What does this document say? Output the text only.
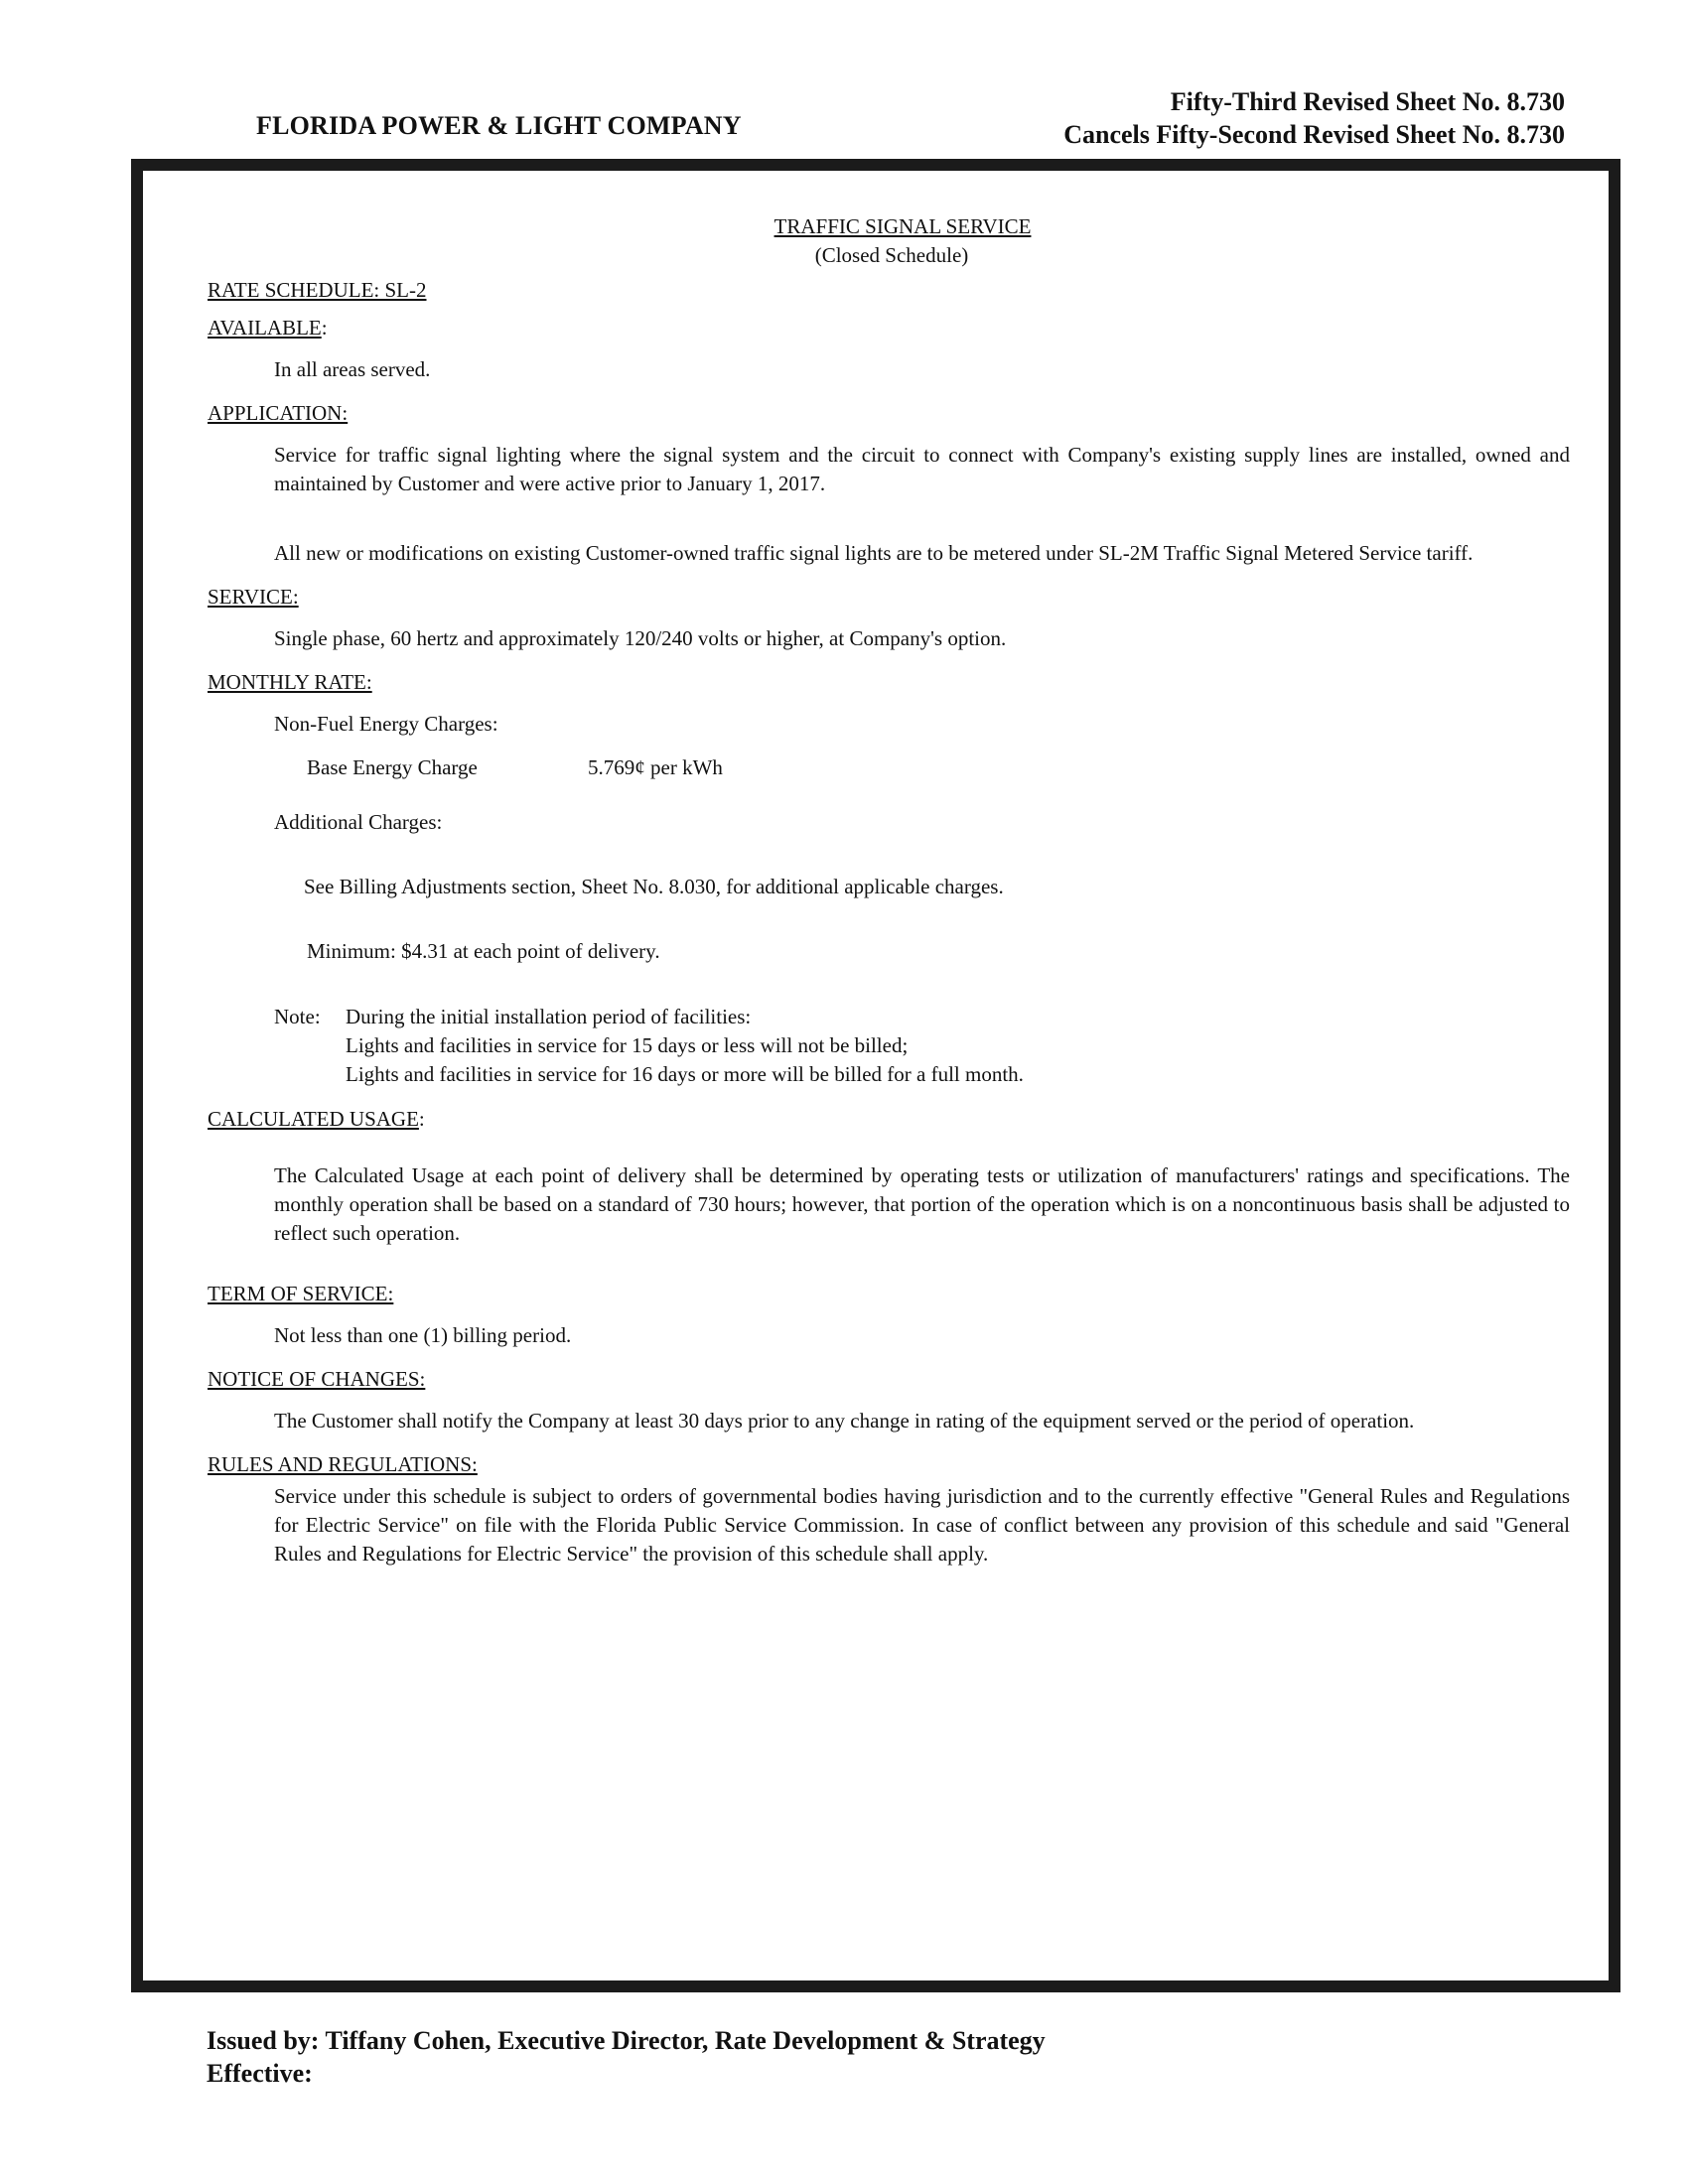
FLORIDA POWER & LIGHT COMPANY
Fifty-Third Revised Sheet No. 8.730
Cancels Fifty-Second Revised Sheet No. 8.730
TRAFFIC SIGNAL SERVICE
(Closed Schedule)
RATE SCHEDULE: SL-2
AVAILABLE:
In all areas served.
APPLICATION:
Service for traffic signal lighting where the signal system and the circuit to connect with Company's existing supply lines are installed, owned and maintained by Customer and were active prior to January 1, 2017.
All new or modifications on existing Customer-owned traffic signal lights are to be metered under SL-2M Traffic Signal Metered Service tariff.
SERVICE:
Single phase, 60 hertz and approximately 120/240 volts or higher, at Company's option.
MONTHLY RATE:
Non-Fuel Energy Charges:
Base Energy Charge	5.769¢ per kWh
Additional Charges:
See Billing Adjustments section, Sheet No. 8.030, for additional applicable charges.
Minimum: $4.31 at each point of delivery.
Note:	During the initial installation period of facilities:
Lights and facilities in service for 15 days or less will not be billed;
Lights and facilities in service for 16 days or more will be billed for a full month.
CALCULATED USAGE:
The Calculated Usage at each point of delivery shall be determined by operating tests or utilization of manufacturers' ratings and specifications. The monthly operation shall be based on a standard of 730 hours; however, that portion of the operation which is on a noncontinuous basis shall be adjusted to reflect such operation.
TERM OF SERVICE:
Not less than one (1) billing period.
NOTICE OF CHANGES:
The Customer shall notify the Company at least 30 days prior to any change in rating of the equipment served or the period of operation.
RULES AND REGULATIONS:
Service under this schedule is subject to orders of governmental bodies having jurisdiction and to the currently effective "General Rules and Regulations for Electric Service" on file with the Florida Public Service Commission. In case of conflict between any provision of this schedule and said "General Rules and Regulations for Electric Service" the provision of this schedule shall apply.
Issued by: Tiffany Cohen, Executive Director, Rate Development & Strategy
Effective:
